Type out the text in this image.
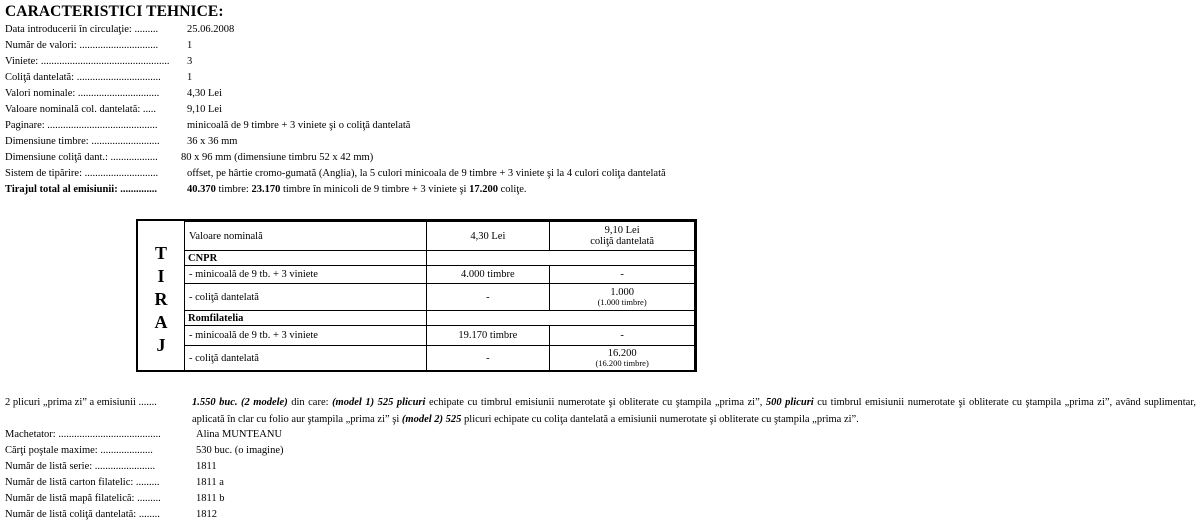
CARACTERISTICI TEHNICE:
Data introducerii în circulaţie: .........	25.06.2008
Număr de valori: ..............................	1
Viniete: ................................................. 3
Coliţă dantelată: ................................	1
Valori nominale: ...............................	4,30 Lei
Valoare nominală col. dantelată: .....	9,10 Lei
Paginare: ..........................................	minicoală de 9 timbre + 3 viniete şi o coliţă dantelată
Dimensiune timbre: ..........................	36 x 36 mm
Dimensiune coliţă dant.: .................. 80 x 96 mm (dimensiune timbru 52 x 42 mm)
Sistem de tipărire: ............................	offset, pe hârtie cromo-gumată (Anglia), la 5 culori minicoala de 9 timbre + 3 viniete şi la 4 culori coliţa dantelată
Tirajul total al emisiunii: ..............	40.370 timbre: 23.170 timbre în minicoli de 9 timbre + 3 viniete şi 17.200 coliţe.
T
I
R
A
J
Valoare nominală	4,30 Lei	9,10 Lei
coliţă dantelată
CNPR		
- minicoală de 9 tb. + 3 viniete	4.000 timbre	-
- coliţă dantelată	-	1.000
(1.000 timbre)

Romfilatelia		
- minicoală de 9 tb. + 3 viniete	19.170 timbre	-
- coliţă dantelată	-	16.200
(16.200 timbre)
2 plicuri „prima zi” a emisiunii .......	1.550 buc. (2 modele) din care: (model 1) 525 plicuri echipate cu timbrul emisiunii numerotate şi obliterate cu ştampila „prima zi”, 500 plicuri cu timbrul emisiunii numerotate şi obliterate cu ştampila „prima zi”, având suplimentar, aplicată în clar cu folio aur ştampila „prima zi” şi (model 2) 525 plicuri echipate cu coliţa dantelată a emisiunii numerotate şi obliterate cu ştampila „prima zi”.
Machetator: .......................................	Alina MUNTEANU
Cărţi poştale maxime: ....................	530 buc. (o imagine)
Număr de listă serie: .......................	1811
Număr de listă carton filatelic: .........	1811 a
Număr de listă mapă filatelică: .........	1811 b
Număr de listă coliţă dantelată: ........	1812
